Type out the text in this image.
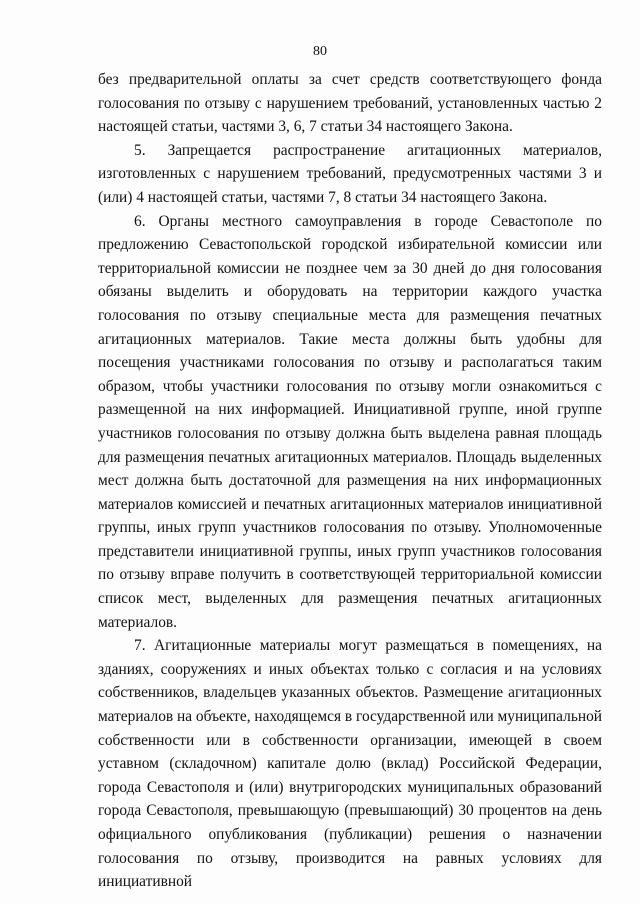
80

без предварительной оплаты за счет средств соответствующего фонда голосования по отзыву с нарушением требований, установленных частью 2 настоящей статьи, частями 3, 6, 7 статьи 34 настоящего Закона.

5. Запрещается распространение агитационных материалов, изготовленных с нарушением требований, предусмотренных частями 3 и (или) 4 настоящей статьи, частями 7, 8 статьи 34 настоящего Закона.

6. Органы местного самоуправления в городе Севастополе по предложению Севастопольской городской избирательной комиссии или территориальной комиссии не позднее чем за 30 дней до дня голосования обязаны выделить и оборудовать на территории каждого участка голосования по отзыву специальные места для размещения печатных агитационных материалов. Такие места должны быть удобны для посещения участниками голосования по отзыву и располагаться таким образом, чтобы участники голосования по отзыву могли ознакомиться с размещенной на них информацией. Инициативной группе, иной группе участников голосования по отзыву должна быть выделена равная площадь для размещения печатных агитационных материалов. Площадь выделенных мест должна быть достаточной для размещения на них информационных материалов комиссией и печатных агитационных материалов инициативной группы, иных групп участников голосования по отзыву. Уполномоченные представители инициативной группы, иных групп участников голосования по отзыву вправе получить в соответствующей территориальной комиссии список мест, выделенных для размещения печатных агитационных материалов.

7. Агитационные материалы могут размещаться в помещениях, на зданиях, сооружениях и иных объектах только с согласия и на условиях собственников, владельцев указанных объектов. Размещение агитационных материалов на объекте, находящемся в государственной или муниципальной собственности или в собственности организации, имеющей в своем уставном (складочном) капитале долю (вклад) Российской Федерации, города Севастополя и (или) внутригородских муниципальных образований города Севастополя, превышающую (превышающий) 30 процентов на день официального опубликования (публикации) решения о назначении голосования по отзыву, производится на равных условиях для инициативной
